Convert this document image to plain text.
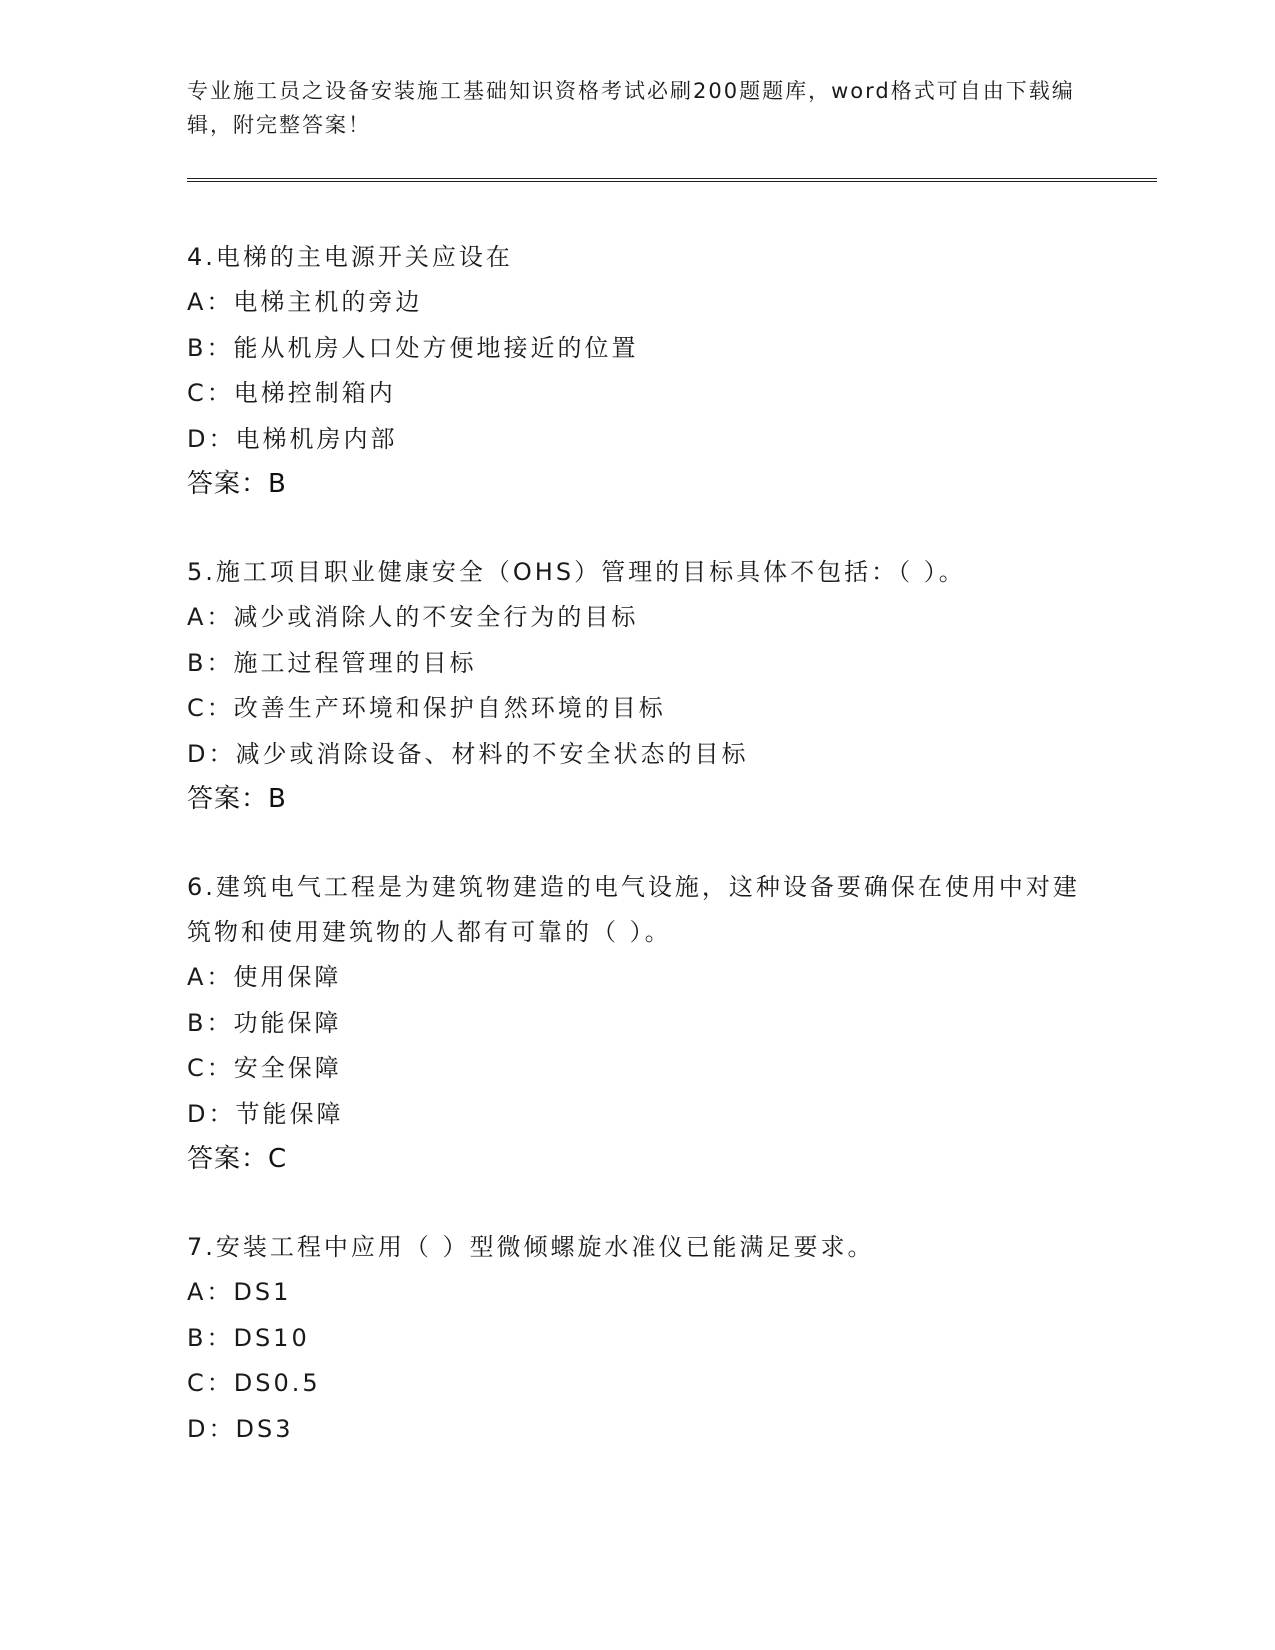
专业施工员之设备安装施工基础知识资格考试必刷200题题库，word格式可自由下载编辑，附完整答案！
4.电梯的主电源开关应设在
A：电梯主机的旁边
B：能从机房人口处方便地接近的位置
C：电梯控制箱内
D：电梯机房内部
答案：B
5.施工项目职业健康安全（OHS）管理的目标具体不包括：（ ）。
A：减少或消除人的不安全行为的目标
B：施工过程管理的目标
C：改善生产环境和保护自然环境的目标
D：减少或消除设备、材料的不安全状态的目标
答案：B
6.建筑电气工程是为建筑物建造的电气设施，这种设备要确保在使用中对建筑物和使用建筑物的人都有可靠的（ ）。
A：使用保障
B：功能保障
C：安全保障
D：节能保障
答案：C
7.安装工程中应用（ ）型微倾螺旋水准仪已能满足要求。
A：DS1
B：DS10
C：DS0.5
D：DS3
